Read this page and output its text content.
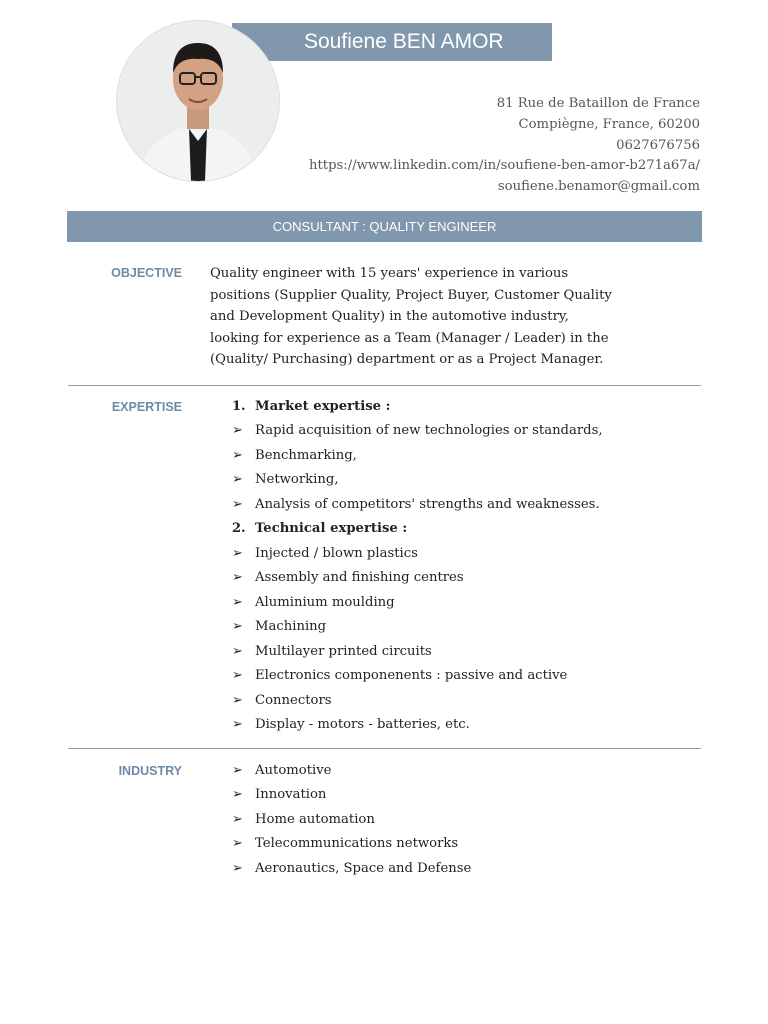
Soufiene BEN AMOR
81 Rue de Bataillon de France
Compiègne, France, 60200
0627676756
https://www.linkedin.com/in/soufiene-ben-amor-b271a67a/
soufiene.benamor@gmail.com
CONSULTANT : QUALITY ENGINEER
OBJECTIVE Quality engineer with 15 years' experience in various positions (Supplier Quality, Project Buyer, Customer Quality and Development Quality) in the automotive industry, looking for experience as a Team (Manager / Leader) in the (Quality/ Purchasing) department or as a Project Manager.
EXPERTISE	1. Market expertise :
➢ Rapid acquisition of new technologies or standards,
➢ Benchmarking,
➢ Networking,
➢ Analysis of competitors' strengths and weaknesses.
2. Technical expertise :
➢ Injected / blown plastics
➢ Assembly and finishing centres
➢ Aluminium moulding
➢ Machining
➢ Multilayer printed circuits
➢ Electronics componenents : passive and active
➢ Connectors
➢ Display - motors - batteries, etc.
INDUSTRY	➢ Automotive
➢ Innovation
➢ Home automation
➢ Telecommunications networks
➢ Aeronautics, Space and Defense
